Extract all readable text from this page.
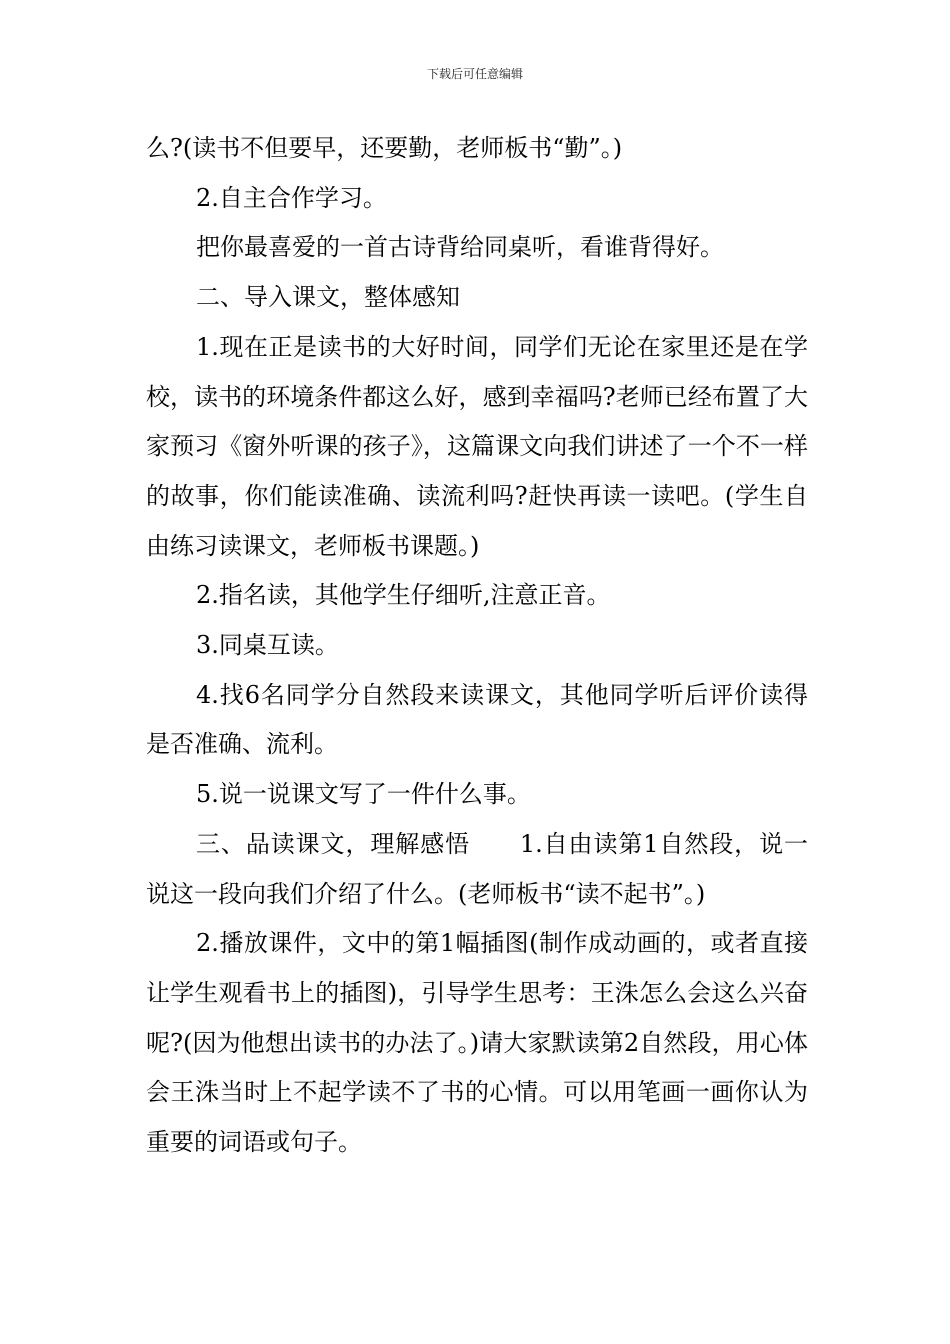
下载后可任意编辑

么?(读书不但要早，还要勤，老师板书“勤”。)

2.自主合作学习。

把你最喜爱的一首古诗背给同桌听，看谁背得好。

二、导入课文，整体感知

1.现在正是读书的大好时间，同学们无论在家里还是在学校，读书的环境条件都这么好，感到幸福吗?老师已经布置了大家预习《窗外听课的孩子》，这篇课文向我们讲述了一个不一样的故事，你们能读准确、读流利吗?赶快再读一读吧。(学生自由练习读课文，老师板书课题。)

2.指名读，其他学生仔细听,注意正音。

3.同桌互读。

4.找6名同学分自然段来读课文，其他同学听后评价读得是否准确、流利。

5.说一说课文写了一件什么事。

三、品读课文，理解感悟　　1.自由读第1自然段，说一说这一段向我们介绍了什么。(老师板书“读不起书”。)

2.播放课件，文中的第1幅插图(制作成动画的，或者直接让学生观看书上的插图)，引导学生思考：王洙怎么会这么兴奋呢?(因为他想出读书的办法了。)请大家默读第2自然段，用心体会王洙当时上不起学读不了书的心情。可以用笔画一画你认为重要的词语或句子。
